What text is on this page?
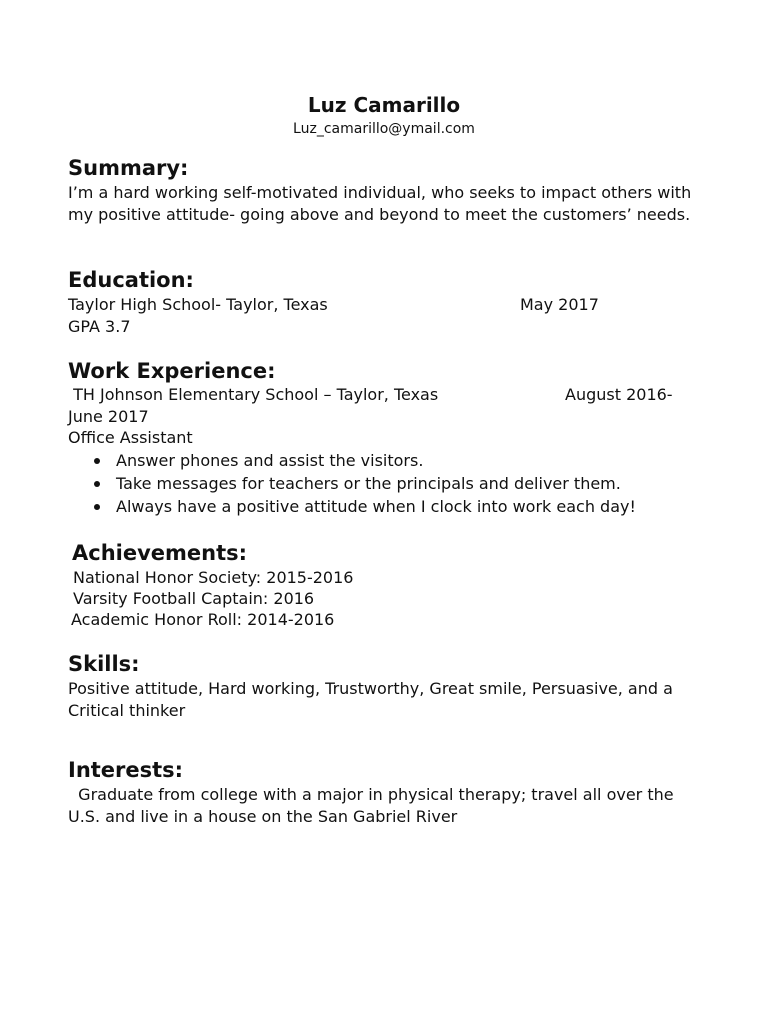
Luz Camarillo
Luz_camarillo@ymail.com
Summary:
I’m a hard working self-motivated individual, who seeks to impact others with my positive attitude- going above and beyond to meet the customers’ needs.
Education:
Taylor High School- Taylor, Texas	May 2017
GPA 3.7
Work Experience:
TH Johnson Elementary School – Taylor, Texas	August 2016-
June 2017
Office Assistant
Answer phones and assist the visitors.
Take messages for teachers or the principals and deliver them.
Always have a positive attitude when I clock into work each day!
Achievements:
National Honor Society: 2015-2016
Varsity Football Captain: 2016
Academic Honor Roll: 2014-2016
Skills:
Positive attitude, Hard working, Trustworthy, Great smile, Persuasive, and a Critical thinker
Interests:
Graduate from college with a major in physical therapy; travel all over the U.S. and live in a house on the San Gabriel River
